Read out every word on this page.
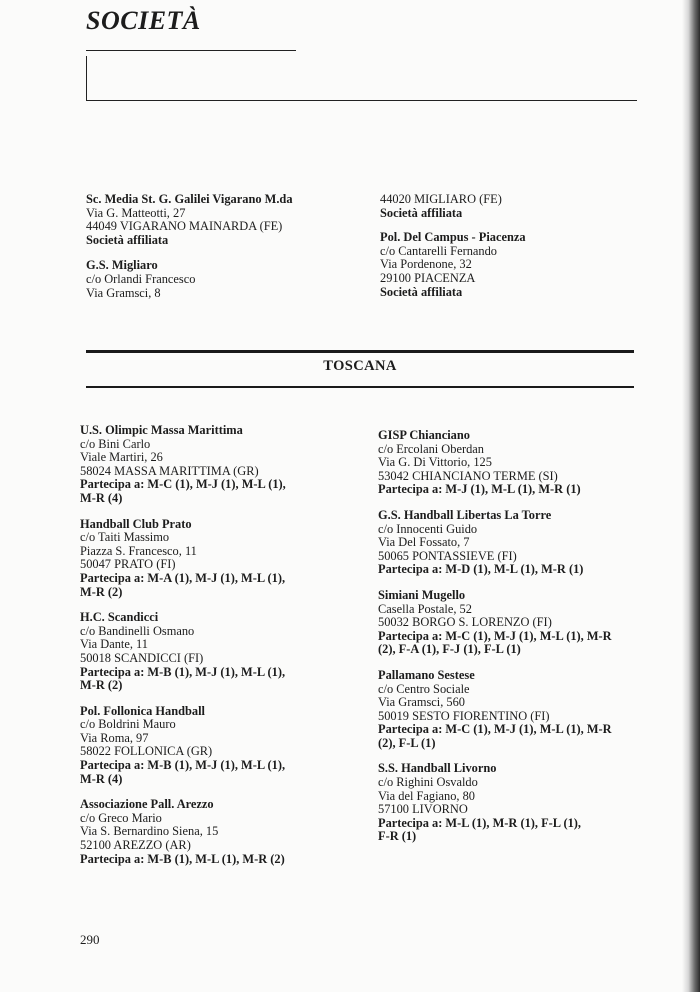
SOCIETÀ
Sc. Media St. G. Galilei Vigarano M.da
Via G. Matteotti, 27
44049 VIGARANO MAINARDA (FE)
Società affiliata
G.S. Migliaro
c/o Orlandi Francesco
Via Gramsci, 8
44020 MIGLIARO (FE)
Società affiliata
Pol. Del Campus - Piacenza
c/o Cantarelli Fernando
Via Pordenone, 32
29100 PIACENZA
Società affiliata
TOSCANA
U.S. Olimpic Massa Marittima
c/o Bini Carlo
Viale Martiri, 26
58024 MASSA MARITTIMA (GR)
Partecipa a: M-C (1), M-J (1), M-L (1),
M-R (4)
Handball Club Prato
c/o Taiti Massimo
Piazza S. Francesco, 11
50047 PRATO (FI)
Partecipa a: M-A (1), M-J (1), M-L (1),
M-R (2)
H.C. Scandicci
c/o Bandinelli Osmano
Via Dante, 11
50018 SCANDICCI (FI)
Partecipa a: M-B (1), M-J (1), M-L (1),
M-R (2)
Pol. Follonica Handball
c/o Boldrini Mauro
Via Roma, 97
58022 FOLLONICA (GR)
Partecipa a: M-B (1), M-J (1), M-L (1),
M-R (4)
Associazione Pall. Arezzo
c/o Greco Mario
Via S. Bernardino Siena, 15
52100 AREZZO (AR)
Partecipa a: M-B (1), M-L (1), M-R (2)
GISP Chianciano
c/o Ercolani Oberdan
Via G. Di Vittorio, 125
53042 CHIANCIANO TERME (SI)
Partecipa a: M-J (1), M-L (1), M-R (1)
G.S. Handball Libertas La Torre
c/o Innocenti Guido
Via Del Fossato, 7
50065 PONTASSIEVE (FI)
Partecipa a: M-D (1), M-L (1), M-R (1)
Simiani Mugello
Casella Postale, 52
50032 BORGO S. LORENZO (FI)
Partecipa a: M-C (1), M-J (1), M-L (1), M-R
(2), F-A (1), F-J (1), F-L (1)
Pallamano Sestese
c/o Centro Sociale
Via Gramsci, 560
50019 SESTO FIORENTINO (FI)
Partecipa a: M-C (1), M-J (1), M-L (1), M-R
(2), F-L (1)
S.S. Handball Livorno
c/o Righini Osvaldo
Via del Fagiano, 80
57100 LIVORNO
Partecipa a: M-L (1), M-R (1), F-L (1),
F-R (1)
290
